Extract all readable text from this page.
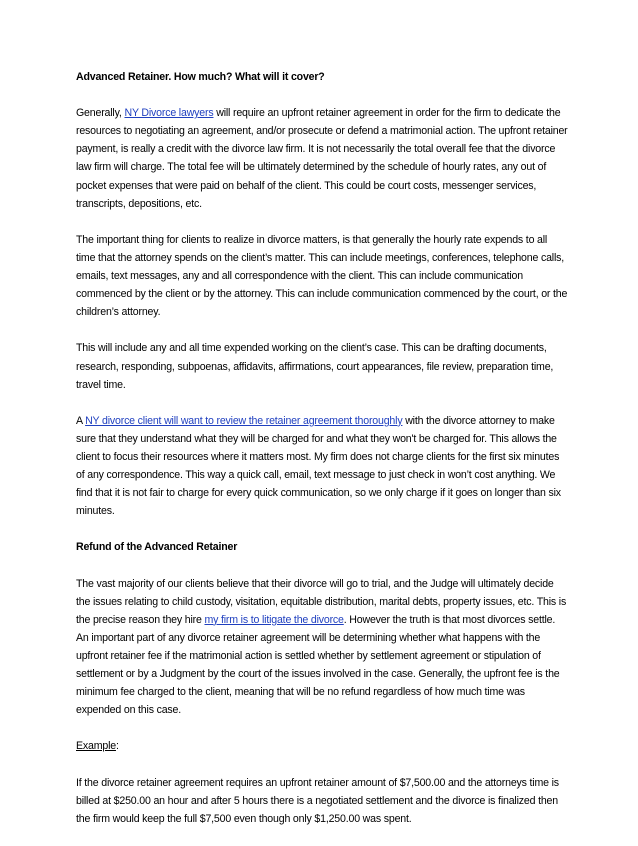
Advanced Retainer. How much? What will it cover?

Generally, NY Divorce lawyers will require an upfront retainer agreement in order for the firm to dedicate the resources to negotiating an agreement, and/or prosecute or defend a matrimonial action. The upfront retainer payment, is really a credit with the divorce law firm. It is not necessarily the total overall fee that the divorce law firm will charge. The total fee will be ultimately determined by the schedule of hourly rates, any out of pocket expenses that were paid on behalf of the client. This could be court costs, messenger services, transcripts, depositions, etc.

The important thing for clients to realize in divorce matters, is that generally the hourly rate expends to all time that the attorney spends on the client’s matter. This can include meetings, conferences, telephone calls, emails, text messages, any and all correspondence with the client. This can include communication commenced by the client or by the attorney. This can include communication commenced by the court, or the children’s attorney.

This will include any and all time expended working on the client’s case. This can be drafting documents, research, responding, subpoenas, affidavits, affirmations, court appearances, file review, preparation time, travel time.

A NY divorce client will want to review the retainer agreement thoroughly with the divorce attorney to make sure that they understand what they will be charged for and what they won't be charged for. This allows the client to focus their resources where it matters most. My firm does not charge clients for the first six minutes of any correspondence. This way a quick call, email, text message to just check in won’t cost anything. We find that it is not fair to charge for every quick communication, so we only charge if it goes on longer than six minutes.

Refund of the Advanced Retainer

The vast majority of our clients believe that their divorce will go to trial, and the Judge will ultimately decide the issues relating to child custody, visitation, equitable distribution, marital debts, property issues, etc. This is the precise reason they hire my firm is to litigate the divorce. However the truth is that most divorces settle. An important part of any divorce retainer agreement will be determining whether what happens with the upfront retainer fee if the matrimonial action is settled whether by settlement agreement or stipulation of settlement or by a Judgment by the court of the issues involved in the case. Generally, the upfront fee is the minimum fee charged to the client, meaning that will be no refund regardless of how much time was expended on this case.

Example:

If the divorce retainer agreement requires an upfront retainer amount of $7,500.00 and the attorneys time is billed at $250.00 an hour and after 5 hours there is a negotiated settlement and the divorce is finalized then the firm would keep the full $7,500 even though only $1,250.00 was spent.
